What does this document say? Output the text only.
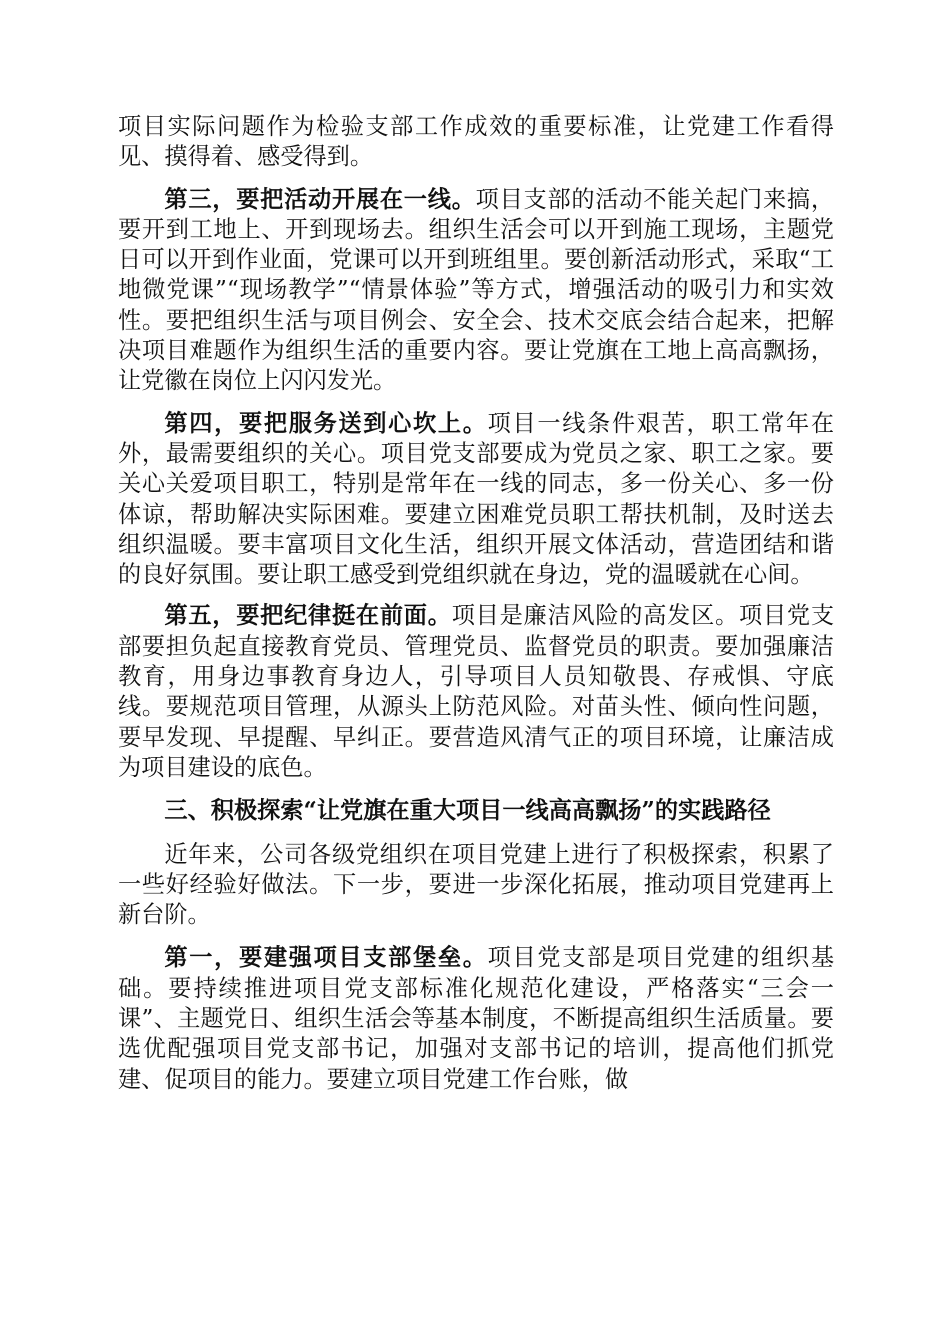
项目实际问题作为检验支部工作成效的重要标准，让党建工作看得见、摸得着、感受得到。

第三，要把活动开展在一线。项目支部的活动不能关起门来搞，要开到工地上、开到现场去。组织生活会可以开到施工现场，主题党日可以开到作业面，党课可以开到班组里。要创新活动形式，采取“工地微党课”“现场教学”“情景体验”等方式，增强活动的吸引力和实效性。要把组织生活与项目例会、安全会、技术交底会结合起来，把解决项目难题作为组织生活的重要内容。要让党旗在工地上高高飘扬，让党徽在岗位上闪闪发光。

第四，要把服务送到心坎上。项目一线条件艰苦，职工常年在外，最需要组织的关心。项目党支部要成为党员之家、职工之家。要关心关爱项目职工，特别是常年在一线的同志，多一份关心、多一份体谅，帮助解决实际困难。要建立困难党员职工帮扶机制，及时送去组织温暖。要丰富项目文化生活，组织开展文体活动，营造团结和谐的良好氛围。要让职工感受到党组织就在身边，党的温暖就在心间。

第五，要把纪律挺在前面。项目是廉洁风险的高发区。项目党支部要担负起直接教育党员、管理党员、监督党员的职责。要加强廉洁教育，用身边事教育身边人，引导项目人员知敬畏、存戒惧、守底线。要规范项目管理，从源头上防范风险。对苗头性、倾向性问题，要早发现、早提醒、早纠正。要营造风清气正的项目环境，让廉洁成为项目建设的底色。

三、积极探索“让党旗在重大项目一线高高飘扬”的实践路径

近年来，公司各级党组织在项目党建上进行了积极探索，积累了一些好经验好做法。下一步，要进一步深化拓展，推动项目党建再上新台阶。

第一，要建强项目支部堡垒。项目党支部是项目党建的组织基础。要持续推进项目党支部标准化规范化建设，严格落实“三会一课”、主题党日、组织生活会等基本制度，不断提高组织生活质量。要选优配强项目党支部书记，加强对支部书记的培训，提高他们抓党建、促项目的能力。要建立项目党建工作台账，做
